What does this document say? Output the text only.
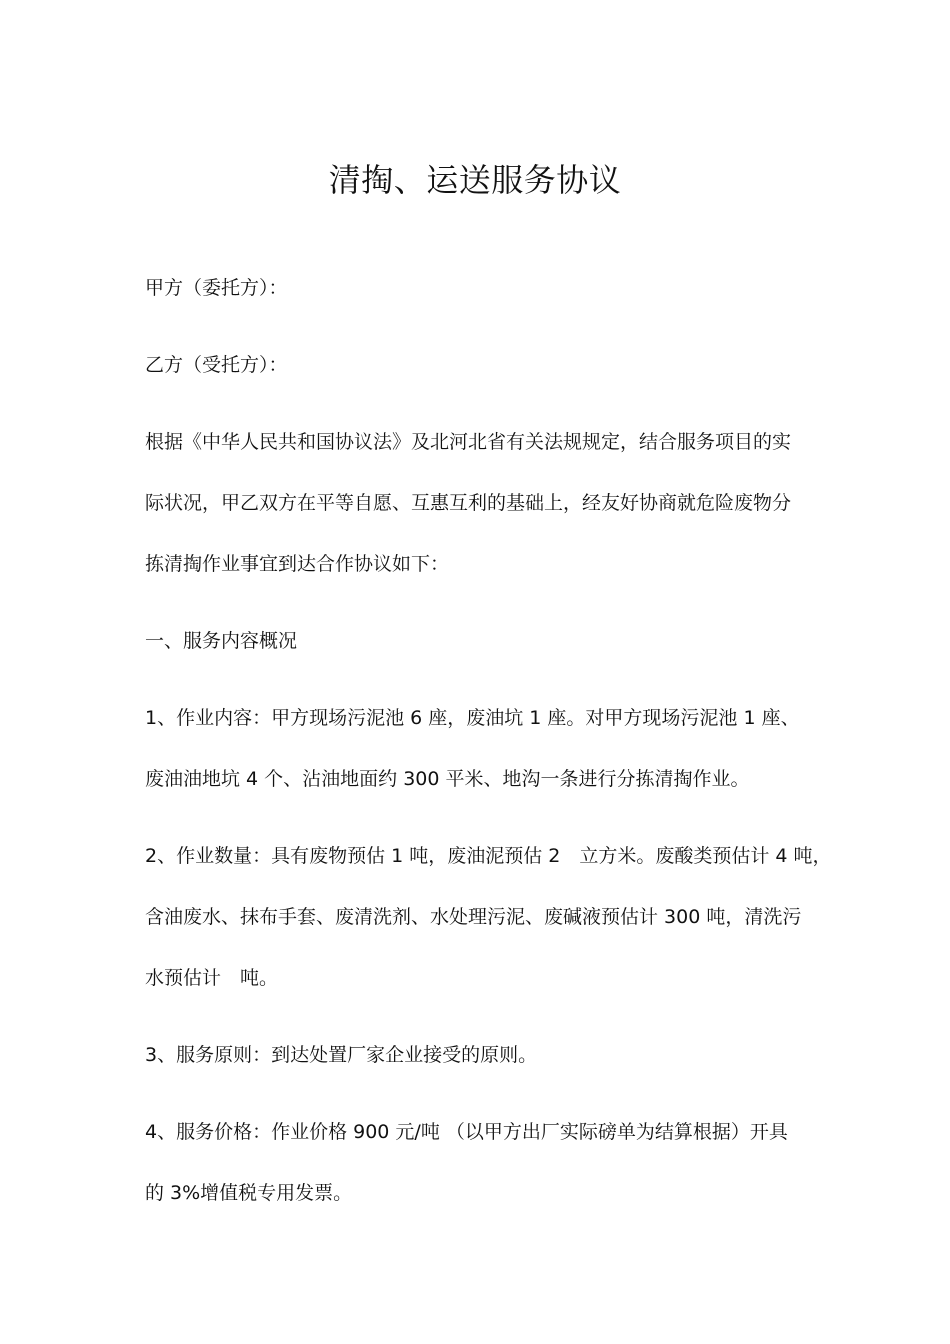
清掏、运送服务协议

甲方（委托方）：

乙方（受托方）：

根据《中华人民共和国协议法》及北河北省有关法规规定，结合服务项目的实
际状况，甲乙双方在平等自愿、互惠互利的基础上，经友好协商就危险废物分
拣清掏作业事宜到达合作协议如下：

一、服务内容概况

1、作业内容：甲方现场污泥池 6 座，废油坑 1 座。对甲方现场污泥池 1 座、
废油油地坑 4 个、沾油地面约 300 平米、地沟一条进行分拣清掏作业。

2、作业数量：具有废物预估 1 吨，废油泥预估 2　立方米。废酸类预估计 4 吨，
含油废水、抹布手套、废清洗剂、水处理污泥、废碱液预估计 300 吨，清洗污
水预估计　吨。

3、服务原则：到达处置厂家企业接受的原则。

4、服务价格：作业价格 900 元/吨 （以甲方出厂实际磅单为结算根据）开具
的 3%增值税专用发票。
